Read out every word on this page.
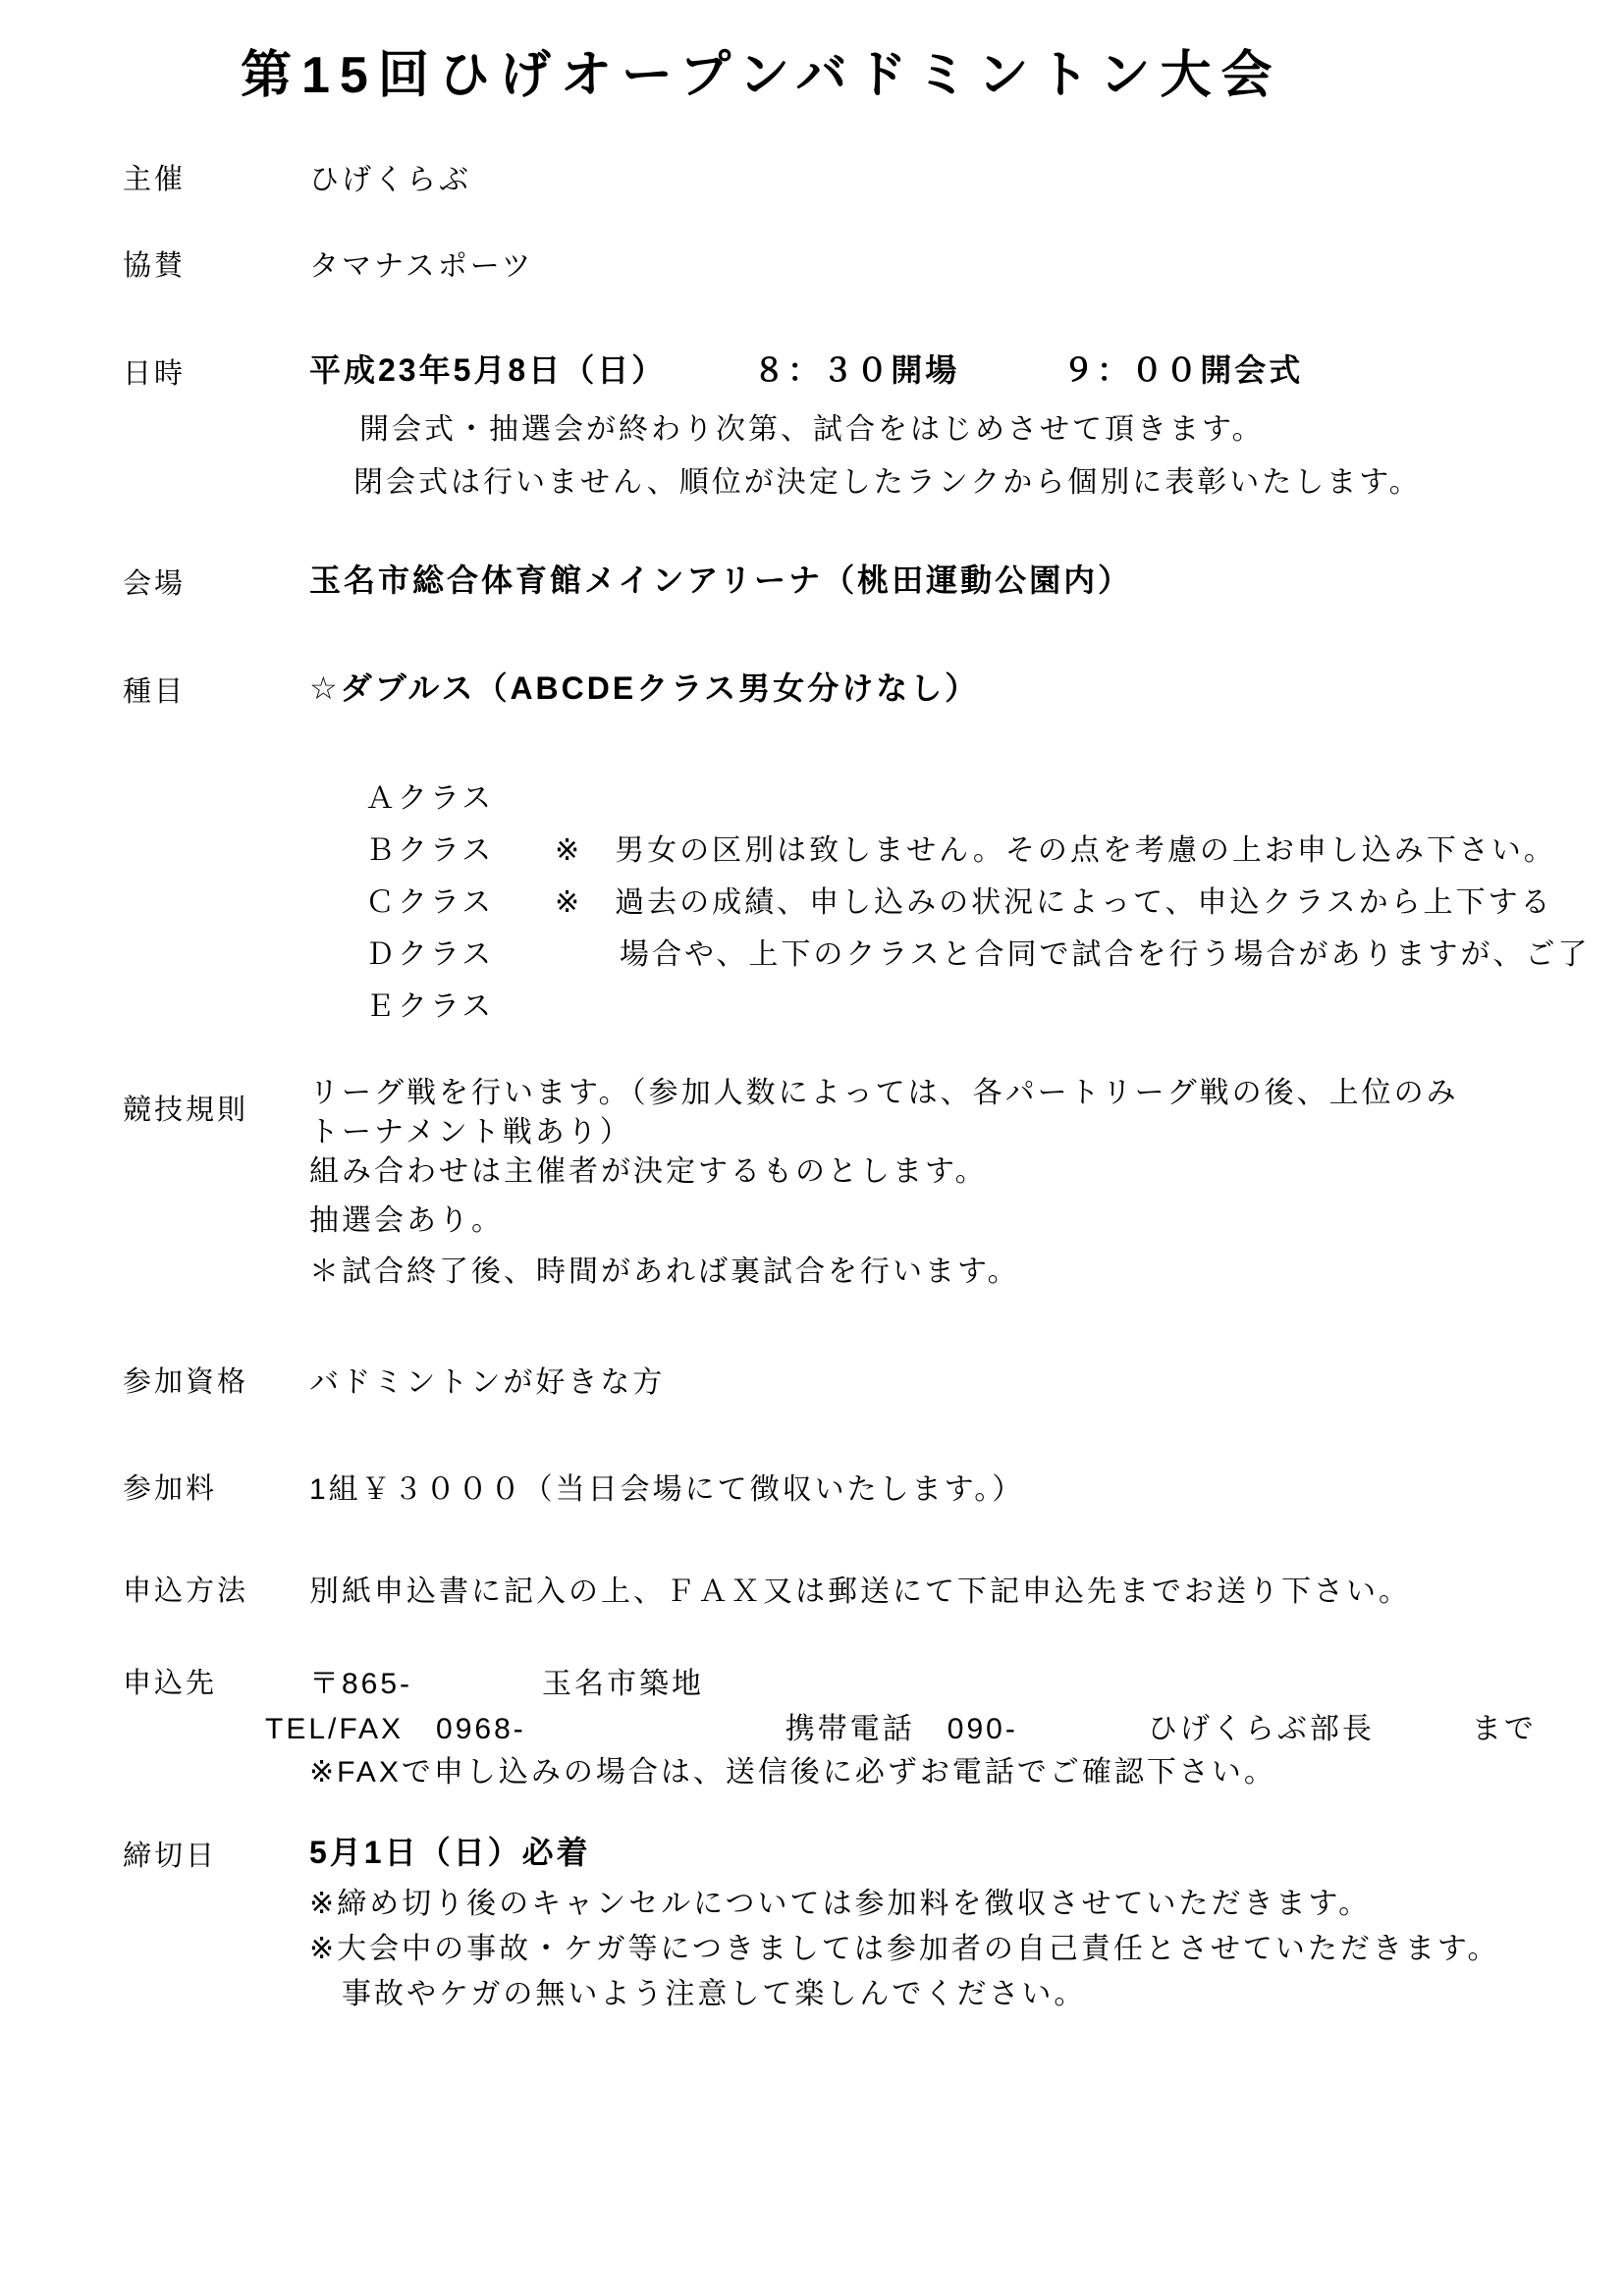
第15回ひげオープンバドミントン大会
主催	ひげくらぶ
協賛	タマナスポーツ
日時	平成23年5月8日（日）　　　８：３０開場　　　９：００開会式
開会式・抽選会が終わり次第、試合をはじめさせて頂きます。
閉会式は行いません、順位が決定したランクから個別に表彰いたします。
会場	玉名市総合体育館メインアリーナ（桃田運動公園内）
種目	☆ダブルス（ABCDEクラス男女分けなし）
Ａクラス
Ｂクラス ※　男女の区別は致しません。その点を考慮の上お申し込み下さい。
Ｃクラス ※　過去の成績、申し込みの状況によって、申込クラスから上下する
Ｄクラス 　　場合や、上下のクラスと合同で試合を行う場合がありますが、ご了
Ｅクラス
競技規則
リーグ戦を行います。（参加人数によっては、各パートリーグ戦の後、上位のみ
トーナメント戦あり）
組み合わせは主催者が決定するものとします。
抽選会あり。
＊試合終了後、時間があれば裏試合を行います。
参加資格 バドミントンが好きな方
参加料	1組￥３０００（当日会場にて徴収いたします。）
申込方法 別紙申込書に記入の上、ＦＡＸ又は郵送にて下記申込先までお送り下さい。
申込先	〒865-　　　　玉名市築地
TEL/FAX　0968-　　　　　　　　携帯電話　090-　　　　ひげくらぶ部長　　　まで
※FAXで申し込みの場合は、送信後に必ずお電話でご確認下さい。
締切日	5月1日（日）必着
※締め切り後のキャンセルについては参加料を徴収させていただきます。
※大会中の事故・ケガ等につきましては参加者の自己責任とさせていただきます。
　事故やケガの無いよう注意して楽しんでください。
